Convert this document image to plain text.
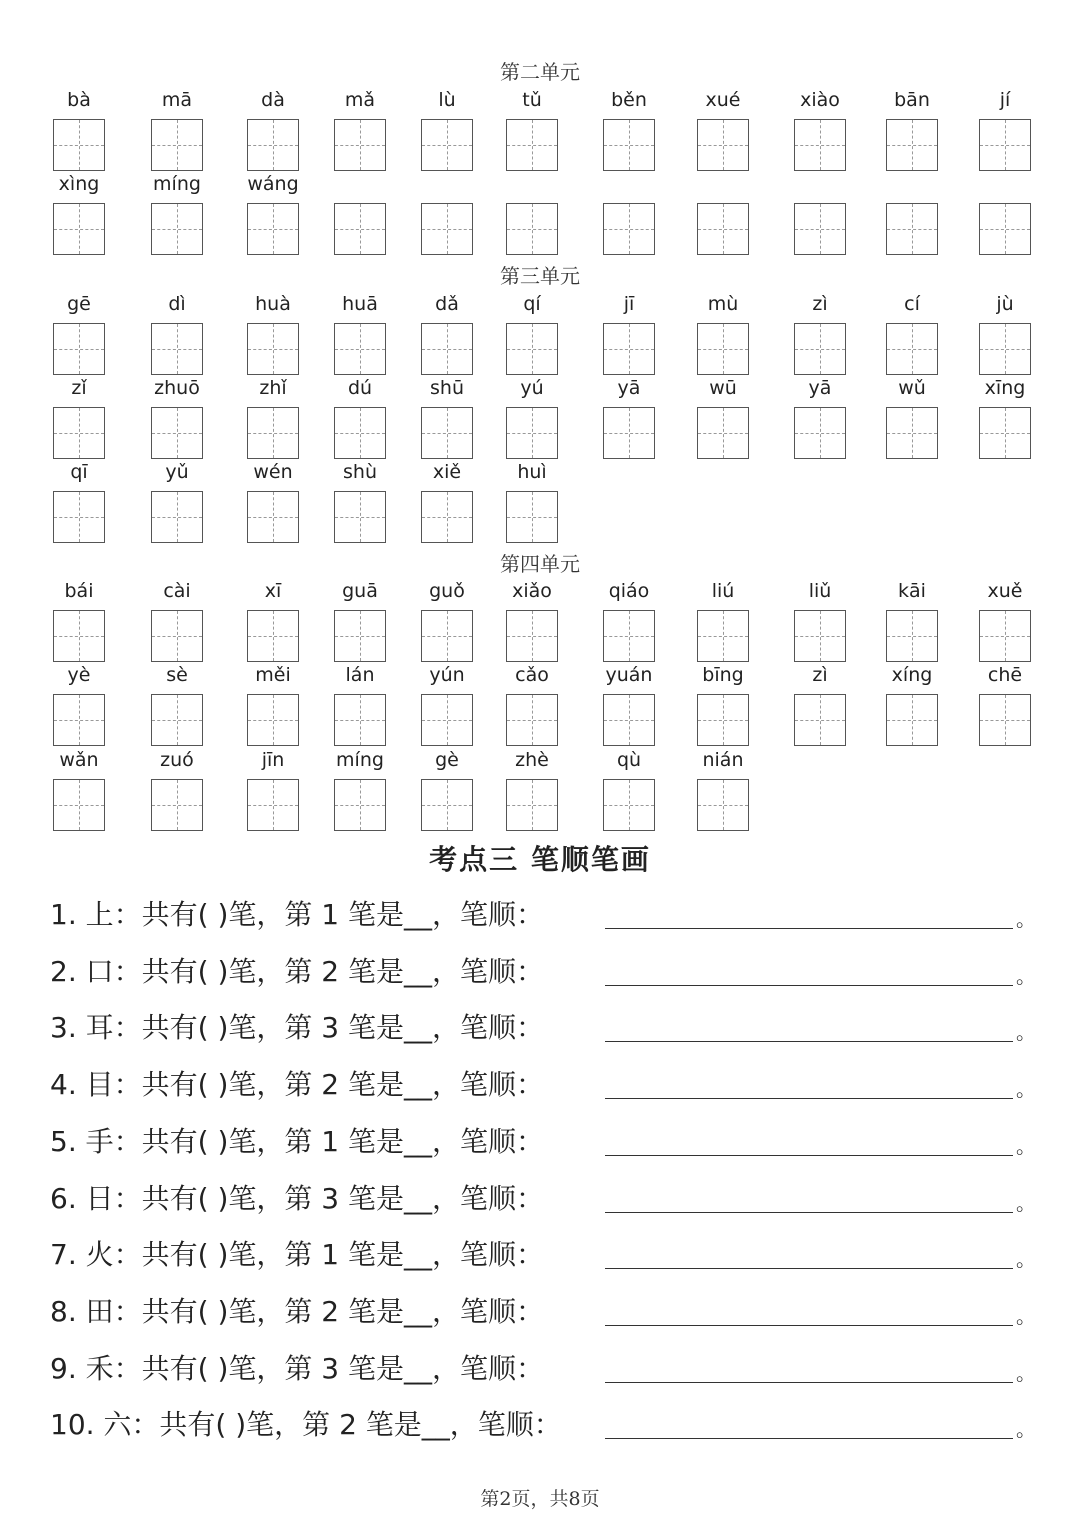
第二单元
bà	mā	dà	mǎ	lù	tǔ	běn	xué	xiào	bān	jí
xìng	míng	wáng
第三单元
gē	dì	huà	huā	dǎ	qí	jī	mù	zì	cí	jù
zǐ	zhuō	zhǐ	dú	shū	yú	yā	wū	yā	wǔ	xīng
qī	yǔ	wén	shù	xiě	huì
第四单元
bái	cài	xī	guā	guǒ	xiǎo	qiáo	liú	liǔ	kāi	xuě
yè	sè	měi	lán	yún	cǎo	yuán	bīng	zì	xíng	chē
wǎn	zuó	jīn	míng	gè	zhè	qù	nián
考点三 笔顺笔画
1. 上：共有( )笔，第 1 笔是__，笔顺：	。
2. 口：共有( )笔，第 2 笔是__，笔顺：	。
3. 耳：共有( )笔，第 3 笔是__，笔顺：	。
4. 目：共有( )笔，第 2 笔是__，笔顺：	。
5. 手：共有( )笔，第 1 笔是__，笔顺：	。
6. 日：共有( )笔，第 3 笔是__，笔顺：	。
7. 火：共有( )笔，第 1 笔是__，笔顺：	。
8. 田：共有( )笔，第 2 笔是__，笔顺：	。
9. 禾：共有( )笔，第 3 笔是__，笔顺：	。
10. 六：共有( )笔，第 2 笔是__，笔顺：	。
第2页，共8页
